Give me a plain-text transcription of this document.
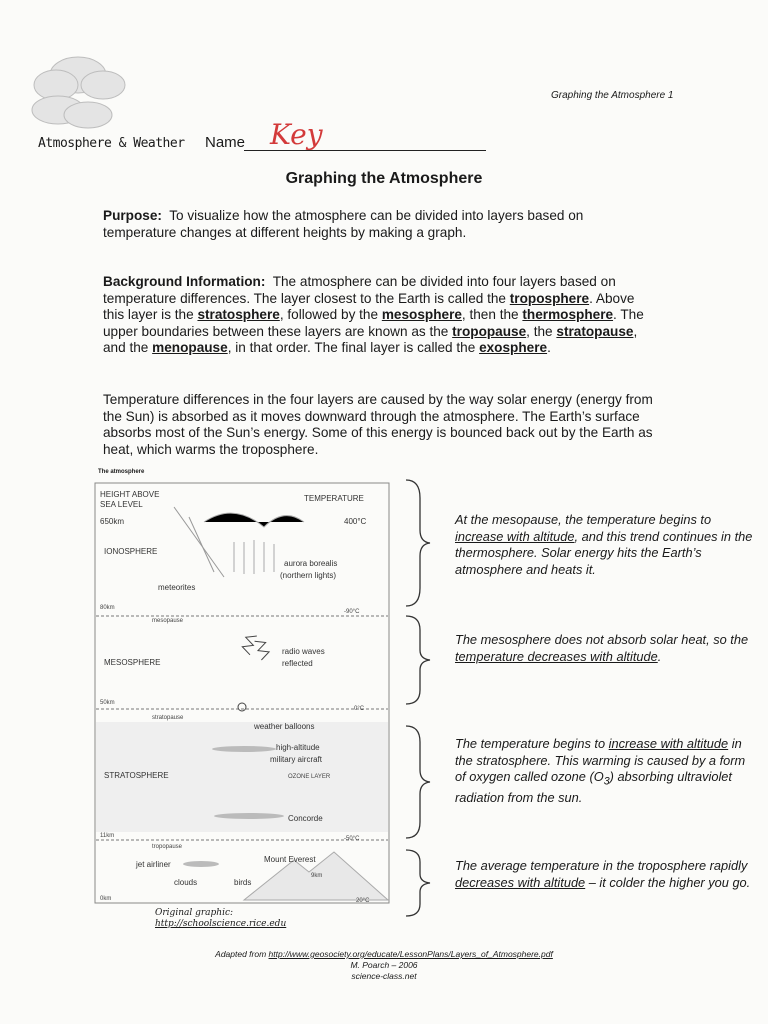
Graphing the Atmosphere 1
Atmosphere & Weather Name Key
Graphing the Atmosphere
Purpose: To visualize how the atmosphere can be divided into layers based on temperature changes at different heights by making a graph.
Background Information: The atmosphere can be divided into four layers based on temperature differences. The layer closest to the Earth is called the troposphere. Above this layer is the stratosphere, followed by the mesosphere, then the thermosphere. The upper boundaries between these layers are known as the tropopause, the stratopause, and the menopause, in that order. The final layer is called the exosphere.
Temperature differences in the four layers are caused by the way solar energy (energy from the Sun) is absorbed as it moves downward through the atmosphere. The Earth’s surface absorbs most of the Sun’s energy. Some of this energy is bounced back out by the Earth as heat, which warms the troposphere.
The atmosphere
HEIGHT ABOVE
SEA LEVEL
TEMPERATURE
650km	400°C
IONOSPHERE
aurora borealis
(northern lights)
meteorites
80km
-90°C
mesopause
radio waves
reflected
MESOSPHERE
50km
0°C
stratopause
weather balloons
high-altitude
military aircraft
STRATOSPHERE	OZONE LAYER
Concorde
11km	-50°C
tropopause
jet airliner
Mount Everest
9km
clouds	birds
0km	20°C
Original graphic:
http://schoolscience.rice.edu
At the mesopause, the temperature begins to increase with altitude, and this trend continues in the thermosphere. Solar energy hits the Earth’s atmosphere and heats it.
The mesosphere does not absorb solar heat, so the temperature decreases with altitude.
The temperature begins to increase with altitude in the stratosphere. This warming is caused by a form of oxygen called ozone $(O_3)$ absorbing ultraviolet radiation from the sun.
The average temperature in the troposphere rapidly decreases with altitude – it colder the higher you go.
Adapted from http://www.geosociety.org/educate/LessonPlans/Layers_of_Atmosphere.pdf
M. Poarch – 2006
science-class.net
